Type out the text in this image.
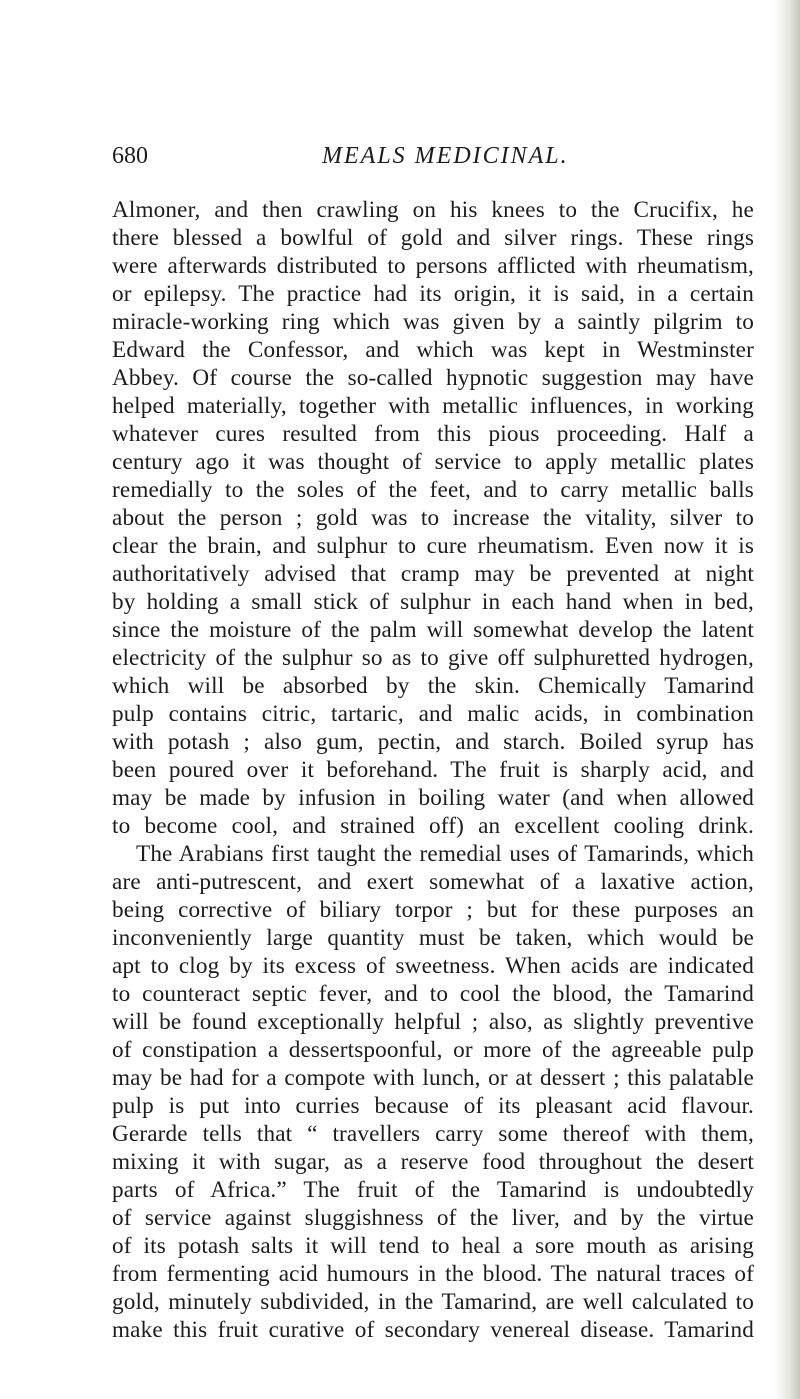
680	MEALS MEDICINAL.
Almoner, and then crawling on his knees to the Crucifix, he
there blessed a bowlful of gold and silver rings. These rings
were afterwards distributed to persons afflicted with rheumatism,
or epilepsy. The practice had its origin, it is said, in a certain
miracle-working ring which was given by a saintly pilgrim to
Edward the Confessor, and which was kept in Westminster
Abbey. Of course the so-called hypnotic suggestion may have
helped materially, together with metallic influences, in working
whatever cures resulted from this pious proceeding. Half a
century ago it was thought of service to apply metallic plates
remedially to the soles of the feet, and to carry metallic balls
about the person ; gold was to increase the vitality, silver to
clear the brain, and sulphur to cure rheumatism. Even now it is
authoritatively advised that cramp may be prevented at night
by holding a small stick of sulphur in each hand when in bed,
since the moisture of the palm will somewhat develop the latent
electricity of the sulphur so as to give off sulphuretted hydrogen,
which will be absorbed by the skin. Chemically Tamarind
pulp contains citric, tartaric, and malic acids, in combination
with potash ; also gum, pectin, and starch. Boiled syrup has
been poured over it beforehand. The fruit is sharply acid, and
may be made by infusion in boiling water (and when allowed
to become cool, and strained off) an excellent cooling drink.
The Arabians first taught the remedial uses of Tamarinds, which
are anti-putrescent, and exert somewhat of a laxative action,
being corrective of biliary torpor ; but for these purposes an
inconveniently large quantity must be taken, which would be
apt to clog by its excess of sweetness. When acids are indicated
to counteract septic fever, and to cool the blood, the Tamarind
will be found exceptionally helpful ; also, as slightly preventive
of constipation a dessertspoonful, or more of the agreeable pulp
may be had for a compote with lunch, or at dessert ; this palatable
pulp is put into curries because of its pleasant acid flavour.
Gerarde tells that “ travellers carry some thereof with them,
mixing it with sugar, as a reserve food throughout the desert
parts of Africa.” The fruit of the Tamarind is undoubtedly
of service against sluggishness of the liver, and by the virtue
of its potash salts it will tend to heal a sore mouth as arising
from fermenting acid humours in the blood. The natural traces of
gold, minutely subdivided, in the Tamarind, are well calculated to
make this fruit curative of secondary venereal disease. Tamarind
